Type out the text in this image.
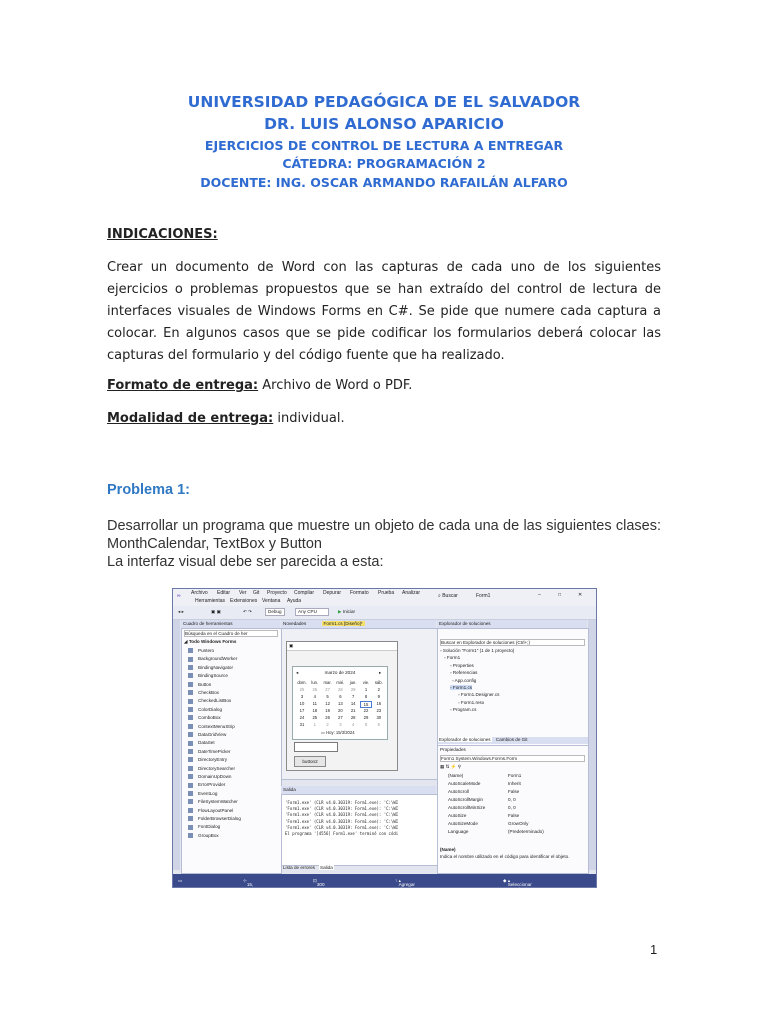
UNIVERSIDAD PEDAGÓGICA DE EL SALVADOR
DR. LUIS ALONSO APARICIO
EJERCICIOS DE CONTROL DE LECTURA A ENTREGAR
CÁTEDRA: PROGRAMACIÓN 2
DOCENTE: ING. OSCAR ARMANDO RAFAILÁN ALFARO
INDICACIONES:
Crear un documento de Word con las capturas de cada uno de los siguientes ejercicios o problemas propuestos que se han extraído del control de lectura de interfaces visuales de Windows Forms en C#. Se pide que numere cada captura a colocar. En algunos casos que se pide codificar los formularios deberá colocar las capturas del formulario y del código fuente que ha realizado.
Formato de entrega: Archivo de Word o PDF.
Modalidad de entrega: individual.
Problema 1:
Desarrollar un programa que muestre un objeto de cada una de las siguientes clases: MonthCalendar, TextBox y Button
La interfaz visual debe ser parecida a esta:
∞ Archivo Editar Ver Git Proyecto Compilar Depurar Formato Prueba Analizar
Herramientas Extensiones Ventana Ayuda
⌕ Buscar	Form1	–	□	✕
◂ ▸	▣ ▣	↶ ↷	Debug	Any CPU	▶ Iniciar
Cuadro de herramientas
Búsqueda en el Cuadro de her
◢ Todo Windows Forms
Puntero
BackgroundWorker
BindingNavigator
BindingSource
Button
CheckBox
CheckedListBox
ColorDialog
ComboBox
ContextMenuStrip
DataGridView
DataSet
DateTimePicker
DirectoryEntry
DirectorySearcher
DomainUpDown
ErrorProvider
EventLog
FileSystemWatcher
FlowLayoutPanel
FolderBrowserDialog
FontDialog
GroupBox
Novedades	Form1.cs [Diseño]*
▣
marzo de 2024
◂	▸
dom.	lun.	mar.	mié.	jue.	vie.	sáb.
25	26	27	28	29	1	2
3	4	5	6	7	8	9
10	11	12	13	14	15	16
17	18	19	20	21	22	23
24	25	26	27	28	29	30
31	1	2	3	4	5	6
▭ Hoy: 15/3/2024
button2
Salida
'Form1.exe' (CLR v4.0.30319: Form1.exe): 'C:\WI
'Form1.exe' (CLR v4.0.30319: Form1.exe): 'C:\WI
'Form1.exe' (CLR v4.0.30319: Form1.exe): 'C:\WI
'Form1.exe' (CLR v4.0.30319: Form1.exe): 'C:\WI
'Form1.exe' (CLR v4.0.30319: Form1.exe): 'C:\WI
El programa '[4556] Form1.exe' terminó con códi
Lista de errores Salida
Explorador de soluciones
Buscar en Explorador de soluciones (Ctrl+;)
▫ Solución "Form1" (1 de 1 proyecto)
▫ Form1
▫ Properties
▫ Referencias
▫ App.config
▫ Form1.cs
▫ Form1.Designer.cs
▫ Form1.resx
▫ Program.cs
Explorador de soluciones Cambios de Git
Propiedades
Form1 System.Windows.Forms.Form
▦ ⇅ ⚡ ⚲
(Name)	Form1
AutoScaleMode	Inherit
AutoScroll	False
AutoScrollMargin	0, 0
AutoScrollMinSize	0, 0
AutoSize	False
AutoSizeMode	GrowOnly
Language	(Predeterminado)
(Name)
Indica el nombre utilizado en el código para identificar el objeto.
▭	⊹
15, 15
⊡
300 × 299
↑
Agregar al control de código fuente
▴	◆
Seleccionar repositorio
▴
1
